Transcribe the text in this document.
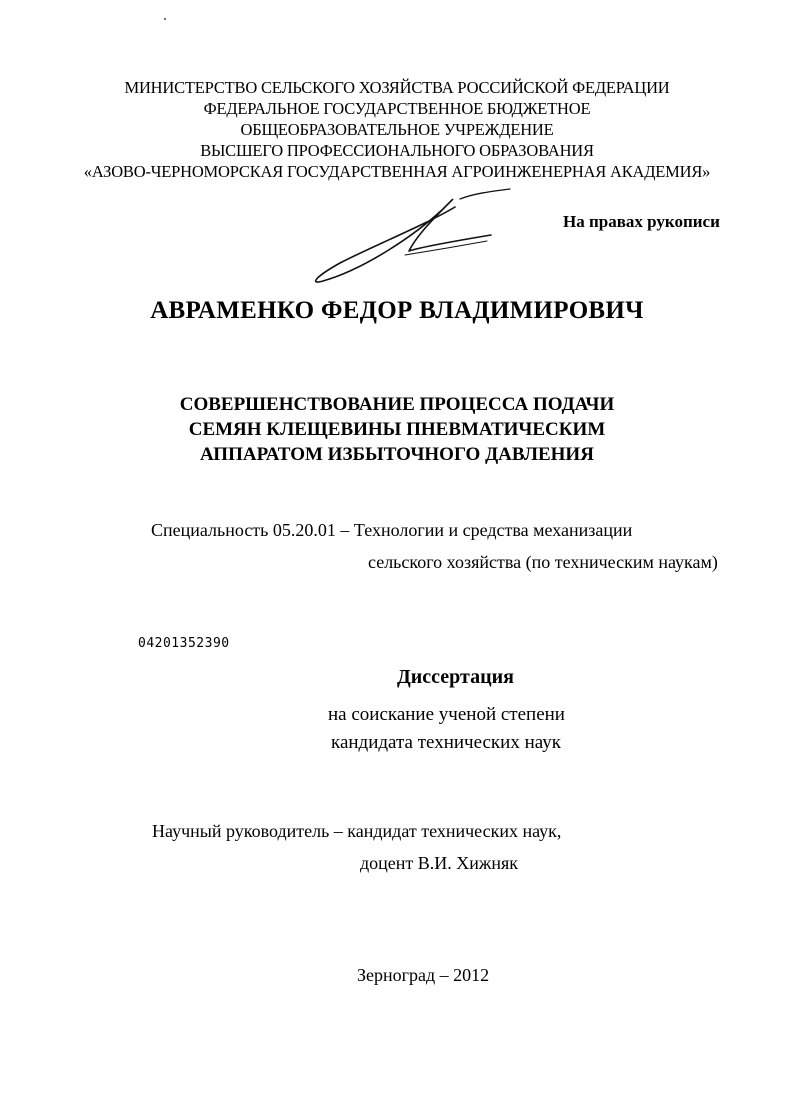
МИНИСТЕРСТВО СЕЛЬСКОГО ХОЗЯЙСТВА РОССИЙСКОЙ ФЕДЕРАЦИИ
ФЕДЕРАЛЬНОЕ ГОСУДАРСТВЕННОЕ БЮДЖЕТНОЕ
ОБЩЕОБРАЗОВАТЕЛЬНОЕ УЧРЕЖДЕНИЕ
ВЫСШЕГО ПРОФЕССИОНАЛЬНОГО ОБРАЗОВАНИЯ
«АЗОВО-ЧЕРНОМОРСКАЯ ГОСУДАРСТВЕННАЯ АГРОИНЖЕНЕРНАЯ АКАДЕМИЯ»
На правах рукописи
АВРАМЕНКО ФЕДОР ВЛАДИМИРОВИЧ
СОВЕРШЕНСТВОВАНИЕ ПРОЦЕССА ПОДАЧИ
СЕМЯН КЛЕЩЕВИНЫ ПНЕВМАТИЧЕСКИМ
АППАРАТОМ ИЗБЫТОЧНОГО ДАВЛЕНИЯ
Специальность 05.20.01 – Технологии и средства механизации
сельского хозяйства (по техническим наукам)
04201352390
Диссертация
на соискание ученой степени
кандидата технических наук
Научный руководитель – кандидат технических наук,
доцент В.И. Хижняк
Зерноград – 2012
